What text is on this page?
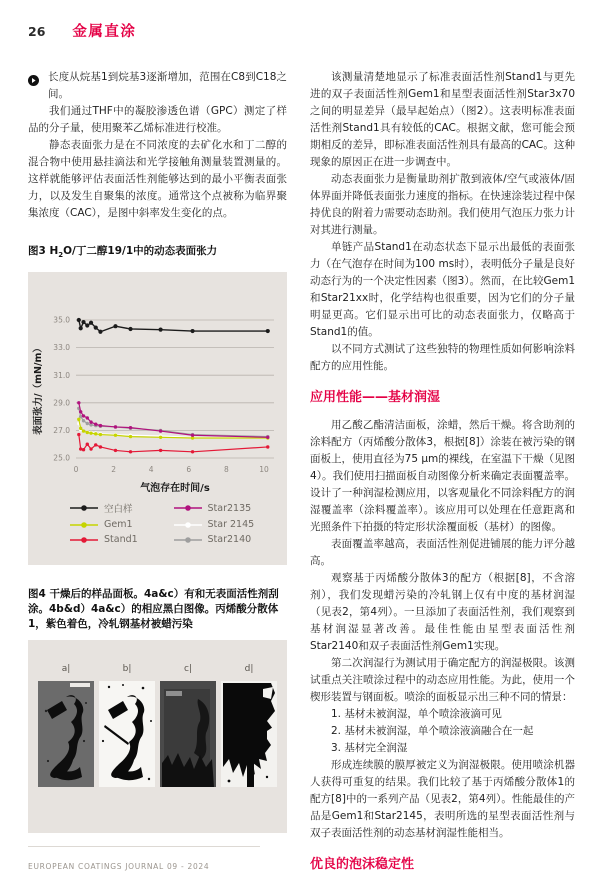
26 金属直涂

长度从烷基1到烷基3逐渐增加，范围在C8到C18之间。

我们通过THF中的凝胶渗透色谱（GPC）测定了样品的分子量，使用聚苯乙烯标准进行校准。

静态表面张力是在不同浓度的去矿化水和丁二醇的混合物中使用悬挂滴法和光学接触角测量装置测量的。这样就能够评估表面活性剂能够达到的最小平衡表面张力，以及发生自聚集的浓度。通常这个点被称为临界聚集浓度（CAC），是图中斜率发生变化的点。

图3 $H_2O/$丁二醇19/1中的动态表面张力
25.0
27.0
29.0
31.0
33.0
35.0
0	2	4	6	8	10
气泡存在时间/s
表面张力/（mN/m）
空白样	Star2135
Gem1	Star 2145
Stand1	Star2140
图4 干燥后的样品面板。4a&c）有和无表面活性剂刮涂。4b&d）4a&c）的相应黑白图像。丙烯酸分散体1，紫色着色，冷轧钢基材被蜡污染
a|	b|	c|	d|
EUROPEAN COATINGS JOURNAL 09 - 2024

该测量清楚地显示了标准表面活性剂Stand1与更先进的双子表面活性剂Gem1和星型表面活性剂Star3x70之间的明显差异（最早起始点）（图2）。这表明标准表面活性剂Stand1具有较低的CAC。根据文献，您可能会预期相反的差异，即标准表面活性剂具有最高的CAC。这种现象的原因正在进一步调查中。

动态表面张力是衡量助剂扩散到液体/空气或液体/固体界面并降低表面张力速度的指标。在快速涂装过程中保持优良的附着力需要动态助剂。我们使用气泡压力张力计对其进行测量。

单链产品Stand1在动态状态下显示出最低的表面张力（在气泡存在时间为100 ms时），表明低分子量是良好动态行为的一个决定性因素（图3）。然而，在比较Gem1和Star21xx时，化学结构也很重要，因为它们的分子量明显更高。它们显示出可比的动态表面张力，仅略高于Stand1的值。

以不同方式测试了这些独特的物理性质如何影响涂料配方的应用性能。

应用性能——基材润湿

用乙酸乙酯清洁面板，涂蜡，然后干燥。将含助剂的涂料配方（丙烯酸分散体3，根据[8]）涂装在被污染的钢面板上，使用直径为75 μm的裸线，在室温下干燥（见图4）。我们使用扫描面板自动图像分析来确定表面覆盖率。设计了一种润湿检测应用，以客观量化不同涂料配方的润湿覆盖率（涂料覆盖率）。该应用可以处理在任意距离和光照条件下拍摄的特定形状涂覆面板（基材）的图像。

表面覆盖率越高，表面活性剂促进铺展的能力评分越高。

观察基于丙烯酸分散体3的配方（根据[8]，不含溶剂），我们发现蜡污染的冷轧钢上仅有中度的基材润湿（见表2，第4列）。一旦添加了表面活性剂，我们观察到基材润湿显著改善。最佳性能由星型表面活性剂Star2140和双子表面活性剂Gem1实现。

第二次润湿行为测试用于确定配方的润湿极限。该测试重点关注喷涂过程中的动态应用性能。为此，使用一个楔形装置与钢面板。喷涂的面板显示出三种不同的情景：

1. 基材未被润湿，单个喷涂液滴可见

2. 基材未被润湿，单个喷涂液滴融合在一起

3. 基材完全润湿

形成连续膜的膜厚被定义为润湿极限。使用喷涂机器人获得可重复的结果。我们比较了基于丙烯酸分散体1的配方[8]中的一系列产品（见表2，第4列）。性能最佳的产品是Gem1和Star2145，表明所选的星型表面活性剂与双子表面活性剂的动态基材润湿性能相当。

优良的泡沫稳定性
